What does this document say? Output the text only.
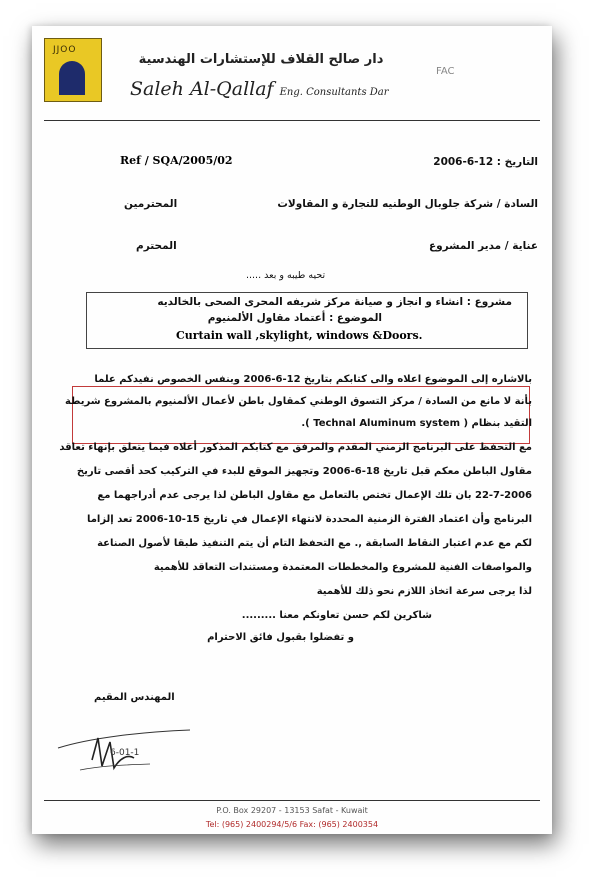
JJOO
دار صالح القلاف للإستشارات الهندسية
Saleh Al-Qallaf Eng. Consultants Dar
FAC
Ref / SQA/2005/02	التاريخ : 12-6-2006
السادة / شركة جلوبال الوطنيه للتجارة و المقاولات
المحترمين
عناية / مدير المشروع
المحترم
تحيه طيبه و بعد .....
مشروع : انشاء و انجاز و صيانة مركز شريفه المحرى الصحى بالخالديه
الموضوع : أعتماد مقاول الألمنيوم
Curtain wall ,skylight, windows &Doors.
بالاشاره إلى الموضوع اعلاه والى كتابكم بتاريخ 12-6-2006 وبنفس الخصوص نفيدكم علما
بأنة لا مانع من السادة / مركز التسوق الوطني كمقاول باطن لأعمال الألمنيوم بالمشروع شريطة
التقيد بنظام ( Technal Aluminum system ).
مع التحفظ على البرنامج الزمني المقدم والمرفق مع كتابكم المذكور أعلاه فيما يتعلق بإنهاء تعاقد
مقاول الباطن معكم قبل تاريخ 18-6-2006 وتجهيز الموقع للبدء في التركيب كحد أقصى تاريخ
22-7-2006 بان تلك الإعمال تختص بالتعامل مع مقاول الباطن لذا يرجى عدم أدراجهما مع
البرنامج وأن اعتماد الفترة الزمنية المحددة لانتهاء الإعمال في تاريخ 15-10-2006 تعد إلزاما
لكم مع عدم اعتبار النقاط السابقة ,. مع التحفظ التام أن يتم التنفيذ طبقا لأصول الصناعة
والمواصفات الفنية للمشروع والمخططات المعتمدة ومستندات التعاقد للأهمية
لذا يرجى سرعة اتخاذ اللازم نحو ذلك للأهمية
شاكرين لكم حسن تعاونكم معنا .........
و تفضلوا بقبول فائق الاحترام
المهندس المقيم
6-01-1
P.O. Box 29207 - 13153 Safat - Kuwait
Tel: (965) 2400294/5/6 Fax: (965) 2400354
